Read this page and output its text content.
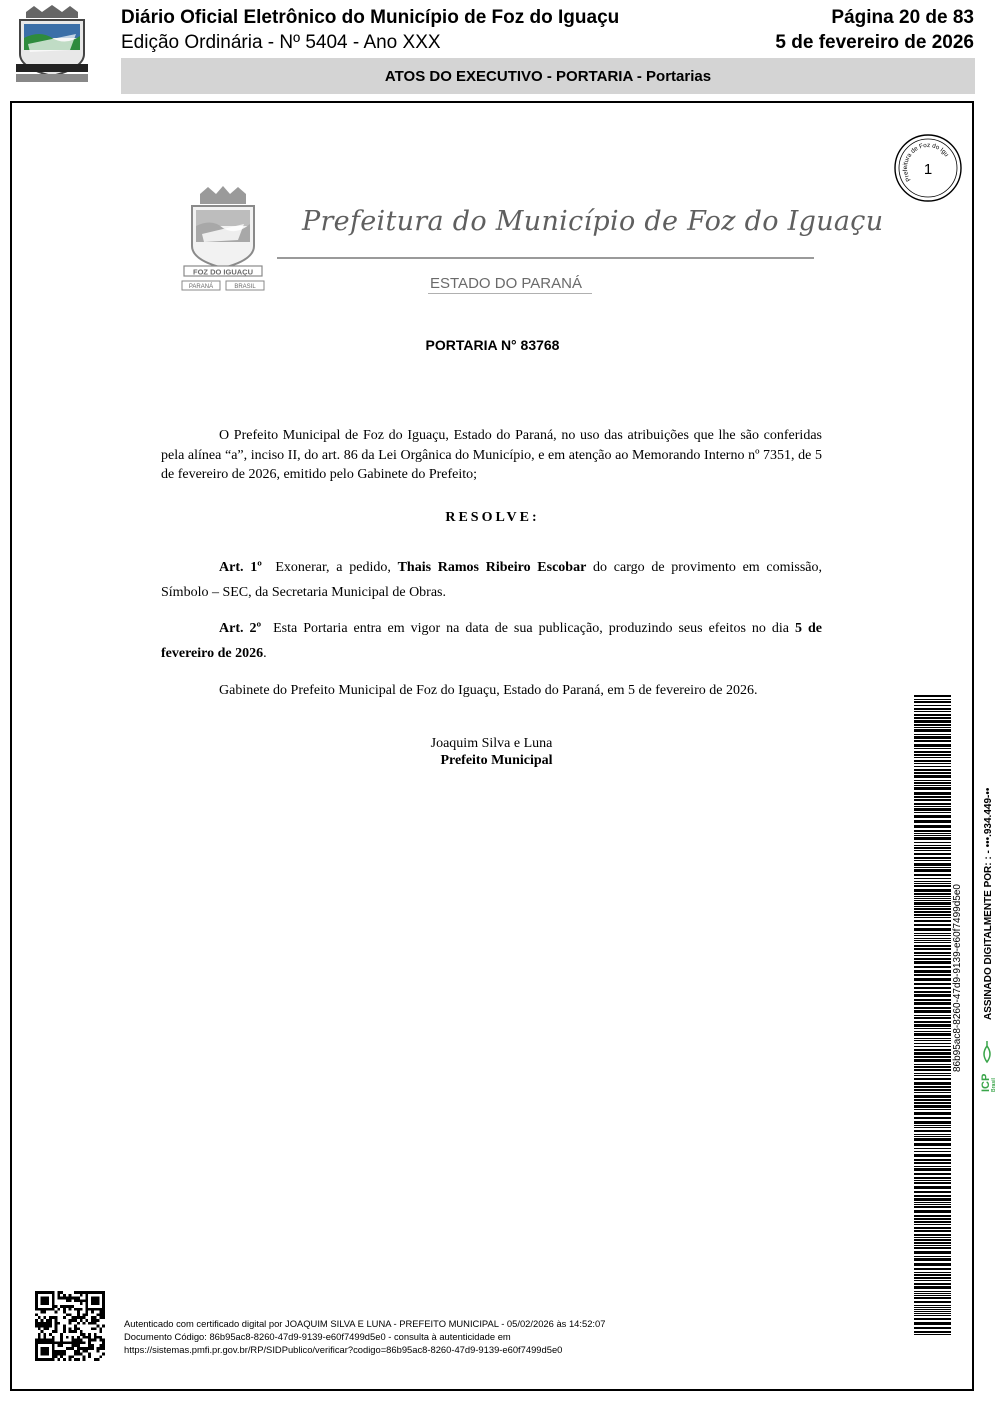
Diário Oficial Eletrônico do Município de Foz do Iguaçu
Edição Ordinária - Nº 5404 - Ano XXX
Página 20 de 83
5 de fevereiro de 2026
ATOS DO EXECUTIVO - PORTARIA - Portarias
Prefeitura de Foz do Iguaçu
1
FOZ DO IGUAÇU
PARANÁ	BRASIL
Prefeitura do Município de Foz do Iguaçu
ESTADO DO PARANÁ
PORTARIA N° 83768
O Prefeito Municipal de Foz do Iguaçu, Estado do Paraná, no uso das atribuições que lhe são conferidas pela alínea “a”, inciso II, do art. 86 da Lei Orgânica do Município, e em atenção ao Memorando Interno nº 7351, de 5 de fevereiro de 2026, emitido pelo Gabinete do Prefeito;
RESOLVE:
Art. 1º Exonerar, a pedido, Thais Ramos Ribeiro Escobar do cargo de provimento em comissão, Símbolo – SEC, da Secretaria Municipal de Obras.
Art. 2º Esta Portaria entra em vigor na data de sua publicação, produzindo seus efeitos no dia 5 de fevereiro de 2026.
Gabinete do Prefeito Municipal de Foz do Iguaçu, Estado do Paraná, em 5 de fevereiro de 2026.
Joaquim Silva e Luna
Prefeito Municipal
86b95ac8-8260-47d9-9139-e60f7499d5e0 ASSINADO DIGITALMENTE POR: : - •••.934.449-••
ICP Brasil
Autenticado com certificado digital por JOAQUIM SILVA E LUNA - PREFEITO MUNICIPAL - 05/02/2026 às 14:52:07
Documento Código: 86b95ac8-8260-47d9-9139-e60f7499d5e0 - consulta à autenticidade em
https://sistemas.pmfi.pr.gov.br/RP/SIDPublico/verificar?codigo=86b95ac8-8260-47d9-9139-e60f7499d5e0
